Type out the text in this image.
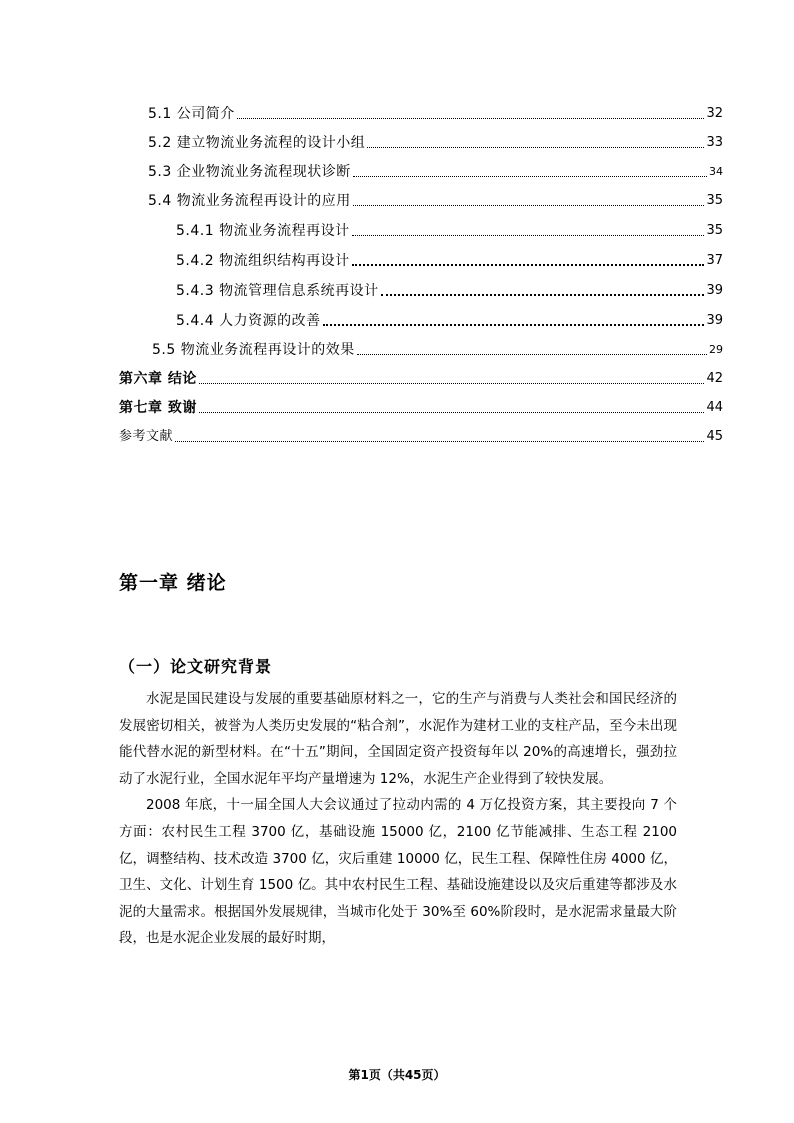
5.1 公司简介	32
5.2 建立物流业务流程的设计小组	33
5.3 企业物流业务流程现状诊断	34
5.4 物流业务流程再设计的应用	35
5.4.1 物流业务流程再设计	35
5.4.2 物流组织结构再设计	37
5.4.3 物流管理信息系统再设计	39
5.4.4 人力资源的改善	39
5.5 物流业务流程再设计的效果	29
第六章 结论	42
第七章 致谢	44
参考文献	45
第一章 绪论
（一）论文研究背景

水泥是国民建设与发展的重要基础原材料之一，它的生产与消费与人类社会和国民经济的发展密切相关，被誉为人类历史发展的“粘合剂”，水泥作为建材工业的支柱产品，至今未出现能代替水泥的新型材料。在“十五”期间，全国固定资产投资每年以 20%的高速增长，强劲拉动了水泥行业，全国水泥年平均产量增速为 12%，水泥生产企业得到了较快发展。

2008 年底，十一届全国人大会议通过了拉动内需的 4 万亿投资方案，其主要投向 7 个方面：农村民生工程 3700 亿，基础设施 15000 亿，2100 亿节能减排、生态工程 2100 亿，调整结构、技术改造 3700 亿，灾后重建 10000 亿，民生工程、保障性住房 4000 亿，卫生、文化、计划生育 1500 亿。其中农村民生工程、基础设施建设以及灾后重建等都涉及水泥的大量需求。根据国外发展规律，当城市化处于 30%至 60%阶段时，是水泥需求量最大阶段，也是水泥企业发展的最好时期，

第1页（共45页）
